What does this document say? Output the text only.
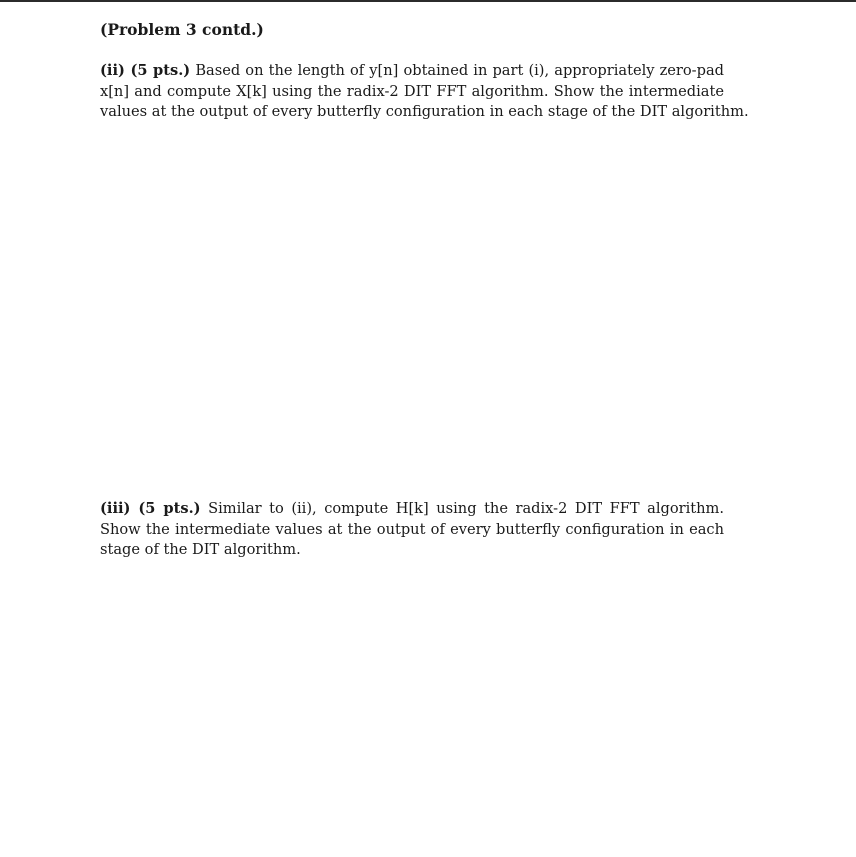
(Problem 3 contd.)
(ii) (5 pts.) Based on the length of y[n] obtained in part (i), appropriately zero-pad
x[n] and compute X[k] using the radix-2 DIT FFT algorithm. Show the intermediate
values at the output of every butterfly configuration in each stage of the DIT algorithm.
(iii) (5 pts.) Similar to (ii), compute H[k] using the radix-2 DIT FFT algorithm.
Show the intermediate values at the output of every butterfly configuration in each
stage of the DIT algorithm.
